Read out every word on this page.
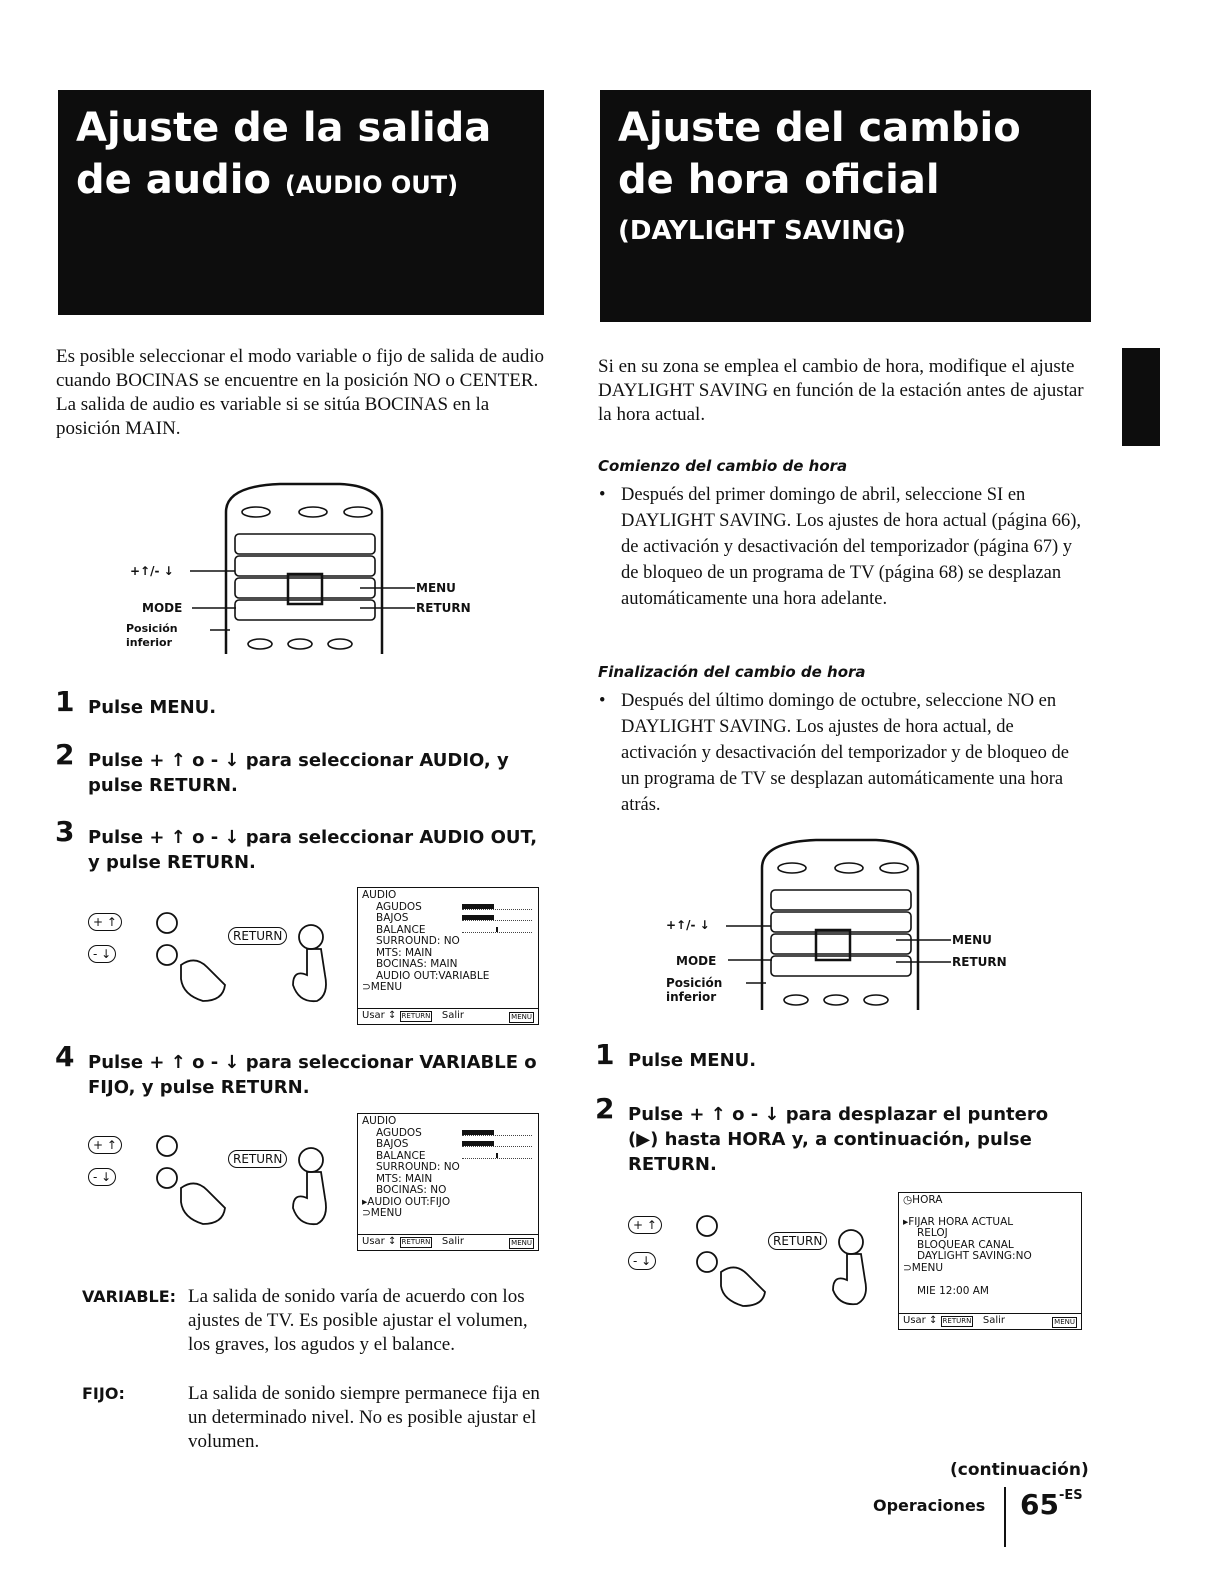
Ajuste de la salida
de audio (AUDIO OUT)

Es posible seleccionar el modo variable o fijo de salida de audio cuando BOCINAS se encuentre en la posición NO o CENTER.

La salida de audio es variable si se sitúa BOCINAS en la posición MAIN.

+↑/- ↓
MODE
Posición
inferior
MENU
RETURN
1 Pulse MENU.
2 Pulse + ↑ o - ↓ para seleccionar AUDIO, y pulse RETURN.
3 Pulse + ↑ o - ↓ para seleccionar AUDIO OUT, y pulse RETURN.
+ ↑
- ↓
RETURN
AUDIO
AGUDOS
BAJOS
BALANCE
SURROUND: NO
MTS: MAIN
BOCINAS: MAIN
AUDIO OUT:VARIABLE
⊃MENU
Usar ↕ RETURN Salir	MENU
4 Pulse + ↑ o - ↓ para seleccionar VARIABLE o FIJO, y pulse RETURN.
+ ↑
- ↓
RETURN
AUDIO
AGUDOS
BAJOS
BALANCE
SURROUND: NO
MTS: MAIN
BOCINAS: NO
▸AUDIO OUT:FIJO
⊃MENU
Usar ↕ RETURN Salir	MENU
VARIABLE: La salida de sonido varía de acuerdo con los ajustes de TV. Es posible ajustar el volumen, los graves, los agudos y el balance.
FIJO:	La salida de sonido siempre permanece fija en un determinado nivel. No es posible ajustar el volumen.
Ajuste del cambio
de hora oficial
(DAYLIGHT SAVING)
Si en su zona se emplea el cambio de hora, modifique el ajuste DAYLIGHT SAVING en función de la estación antes de ajustar la hora actual.
Comienzo del cambio de hora
• Después del primer domingo de abril, seleccione SI en DAYLIGHT SAVING. Los ajustes de hora actual (página 66), de activación y desactivación del temporizador (página 67) y de bloqueo de un programa de TV (página 68) se desplazan automáticamente una hora adelante.
Finalización del cambio de hora
• Después del último domingo de octubre, seleccione NO en DAYLIGHT SAVING. Los ajustes de hora actual, de activación y desactivación del temporizador y de bloqueo de un programa de TV se desplazan automáticamente una hora atrás.
+↑/- ↓
MODE
Posición
inferior
MENU
RETURN
1 Pulse MENU.
2 Pulse + ↑ o - ↓ para desplazar el puntero (▶) hasta HORA y, a continuación, pulse RETURN.
+ ↑
- ↓
RETURN
◷HORA
▸FIJAR HORA ACTUAL
RELOJ
BLOQUEAR CANAL
DAYLIGHT SAVING:NO
⊃MENU
MIE 12:00 AM
Usar ↕ RETURN Salir	MENU
(continuación)
Operaciones $65^{-ES}$
